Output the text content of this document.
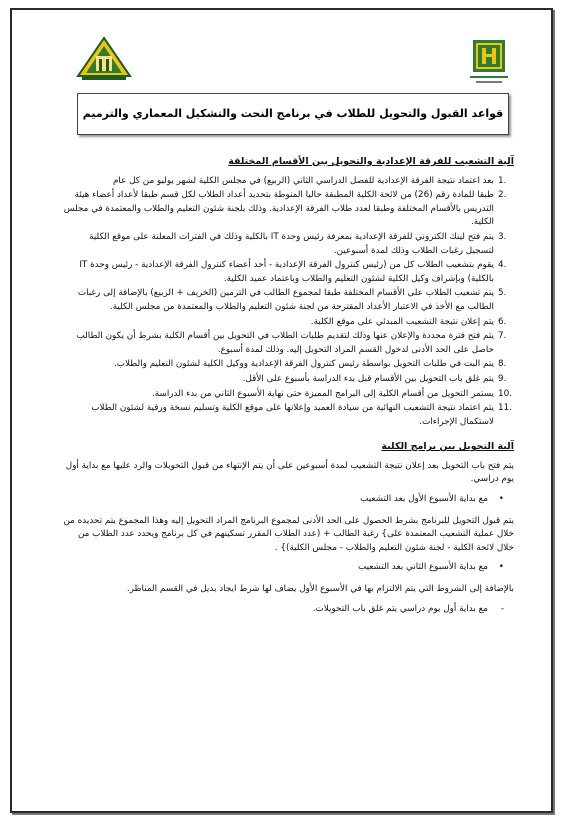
قواعد القبول والتحويل للطلاب في برنامج النحت والتشكيل المعماري والترميم
آلية التشعيب للفرقة الإعدادية والتحويل بين الأقسام المختلفة
1.
بعد اعتماد نتيجة الفرقة الإعدادية للفصل الدراسي الثاني (الربيع) في مجلس الكلية لشهر يوليو من كل عام
2.
طبقا للمادة رقم (26) من لائحة الكلية المطبقة حاليا المنوطة بتحديد أعداد الطلاب لكل قسم طبقا لأعداد أعضاء هيئة التدريس بالأقسام المختلفة وطبقا لعدد طلاب الفرقة الإعدادية. وذلك بلجنة شئون التعليم والطلاب والمعتمدة في مجلس الكلية.
3.
يتم فتح لينك الكتروني للفرقة الإعدادية بمعرفة رئيس وحدة IT بالكلية وذلك في الفترات المعلنة على موقع الكلية لتسجيل رغبات الطلاب وذلك لمدة أسبوعين.
4.
يقوم بتشعيب الطلاب كل من (رئيس كنترول الفرقة الإعدادية - أحد أعضاء كنترول الفرقة الإعدادية - رئيس وحدة IT بالكلية) وبإشراف وكيل الكلية لشئون التعليم والطلاب وباعتماد عميد الكلية.
5.
يتم تشعيب الطلاب على الأقسام المختلفة طبقا لمجموع الطالب في الترمين (الخريف + الربيع) بالإضافة إلى رغبات الطالب مع الأخذ في الاعتبار الأعداد المقترحة من لجنة شئون التعليم والطلاب والمعتمدة من مجلس الكلية.
6.
يتم إعلان نتيجة التشعيب المبدئي على موقع الكلية.
7.
يتم فتح فترة محددة والإعلان عنها وذلك لتقديم طلبات الطلاب في التحويل بين أقسام الكلية بشرط أن يكون الطالب حاصل على الحد الأدنى لدخول القسم المراد التحويل إليه. وذلك لمدة أسبوع.
8.
يتم البت في طلبات التحويل بواسطة رئيس كنترول الفرقة الإعدادية ووكيل الكلية لشئون التعليم والطلاب.
9.
يتم غلق باب التحويل بين الأقسام قبل بدء الدراسة بأسبوع على الأقل.
10.
يستمر التحويل من أقسام الكلية إلى البرامج المميزة حتى نهاية الأسبوع الثاني من بدء الدراسة.
11.
يتم اعتماد نتيجة التشعيب النهائية من سيادة العميد وإعلانها على موقع الكلية وتسليم نسخة ورقية لشئون الطلاب لاستكمال الإجراءات.
آلية التحويل بين برامج الكلية

يتم فتح باب التحويل بعد إعلان نتيجة التشعيب لمدة أسبوعين على أن يتم الإنتهاء من قبول التحويلات والرد عليها مع بداية أول يوم دراسي.

•
مع بداية الأسبوع الأول بعد التشعيب

يتم قبول التحويل للبرنامج بشرط الحصول على الحد الأدنى لمجموع البرنامج المراد التحويل إليه وهذا المجموع يتم تحديده من خلال عملية التشعيب المعتمدة على} رغبة الطالب + (عدد الطلاب المقرر تسكينهم في كل برنامج ويحدد عدد الطلاب من خلال لائحة الكلية - لجنة شئون التعليم والطلاب - مجلس الكلية)} .

•
مع بداية الأسبوع الثاني بعد التشعيب

بالإضافة إلى الشروط التي يتم الالتزام بها في الأسبوع الأول يضاف لها شرط ايجاد بديل في القسم المناظر.

-
مع بداية أول يوم دراسي يتم غلق باب التحويلات.
